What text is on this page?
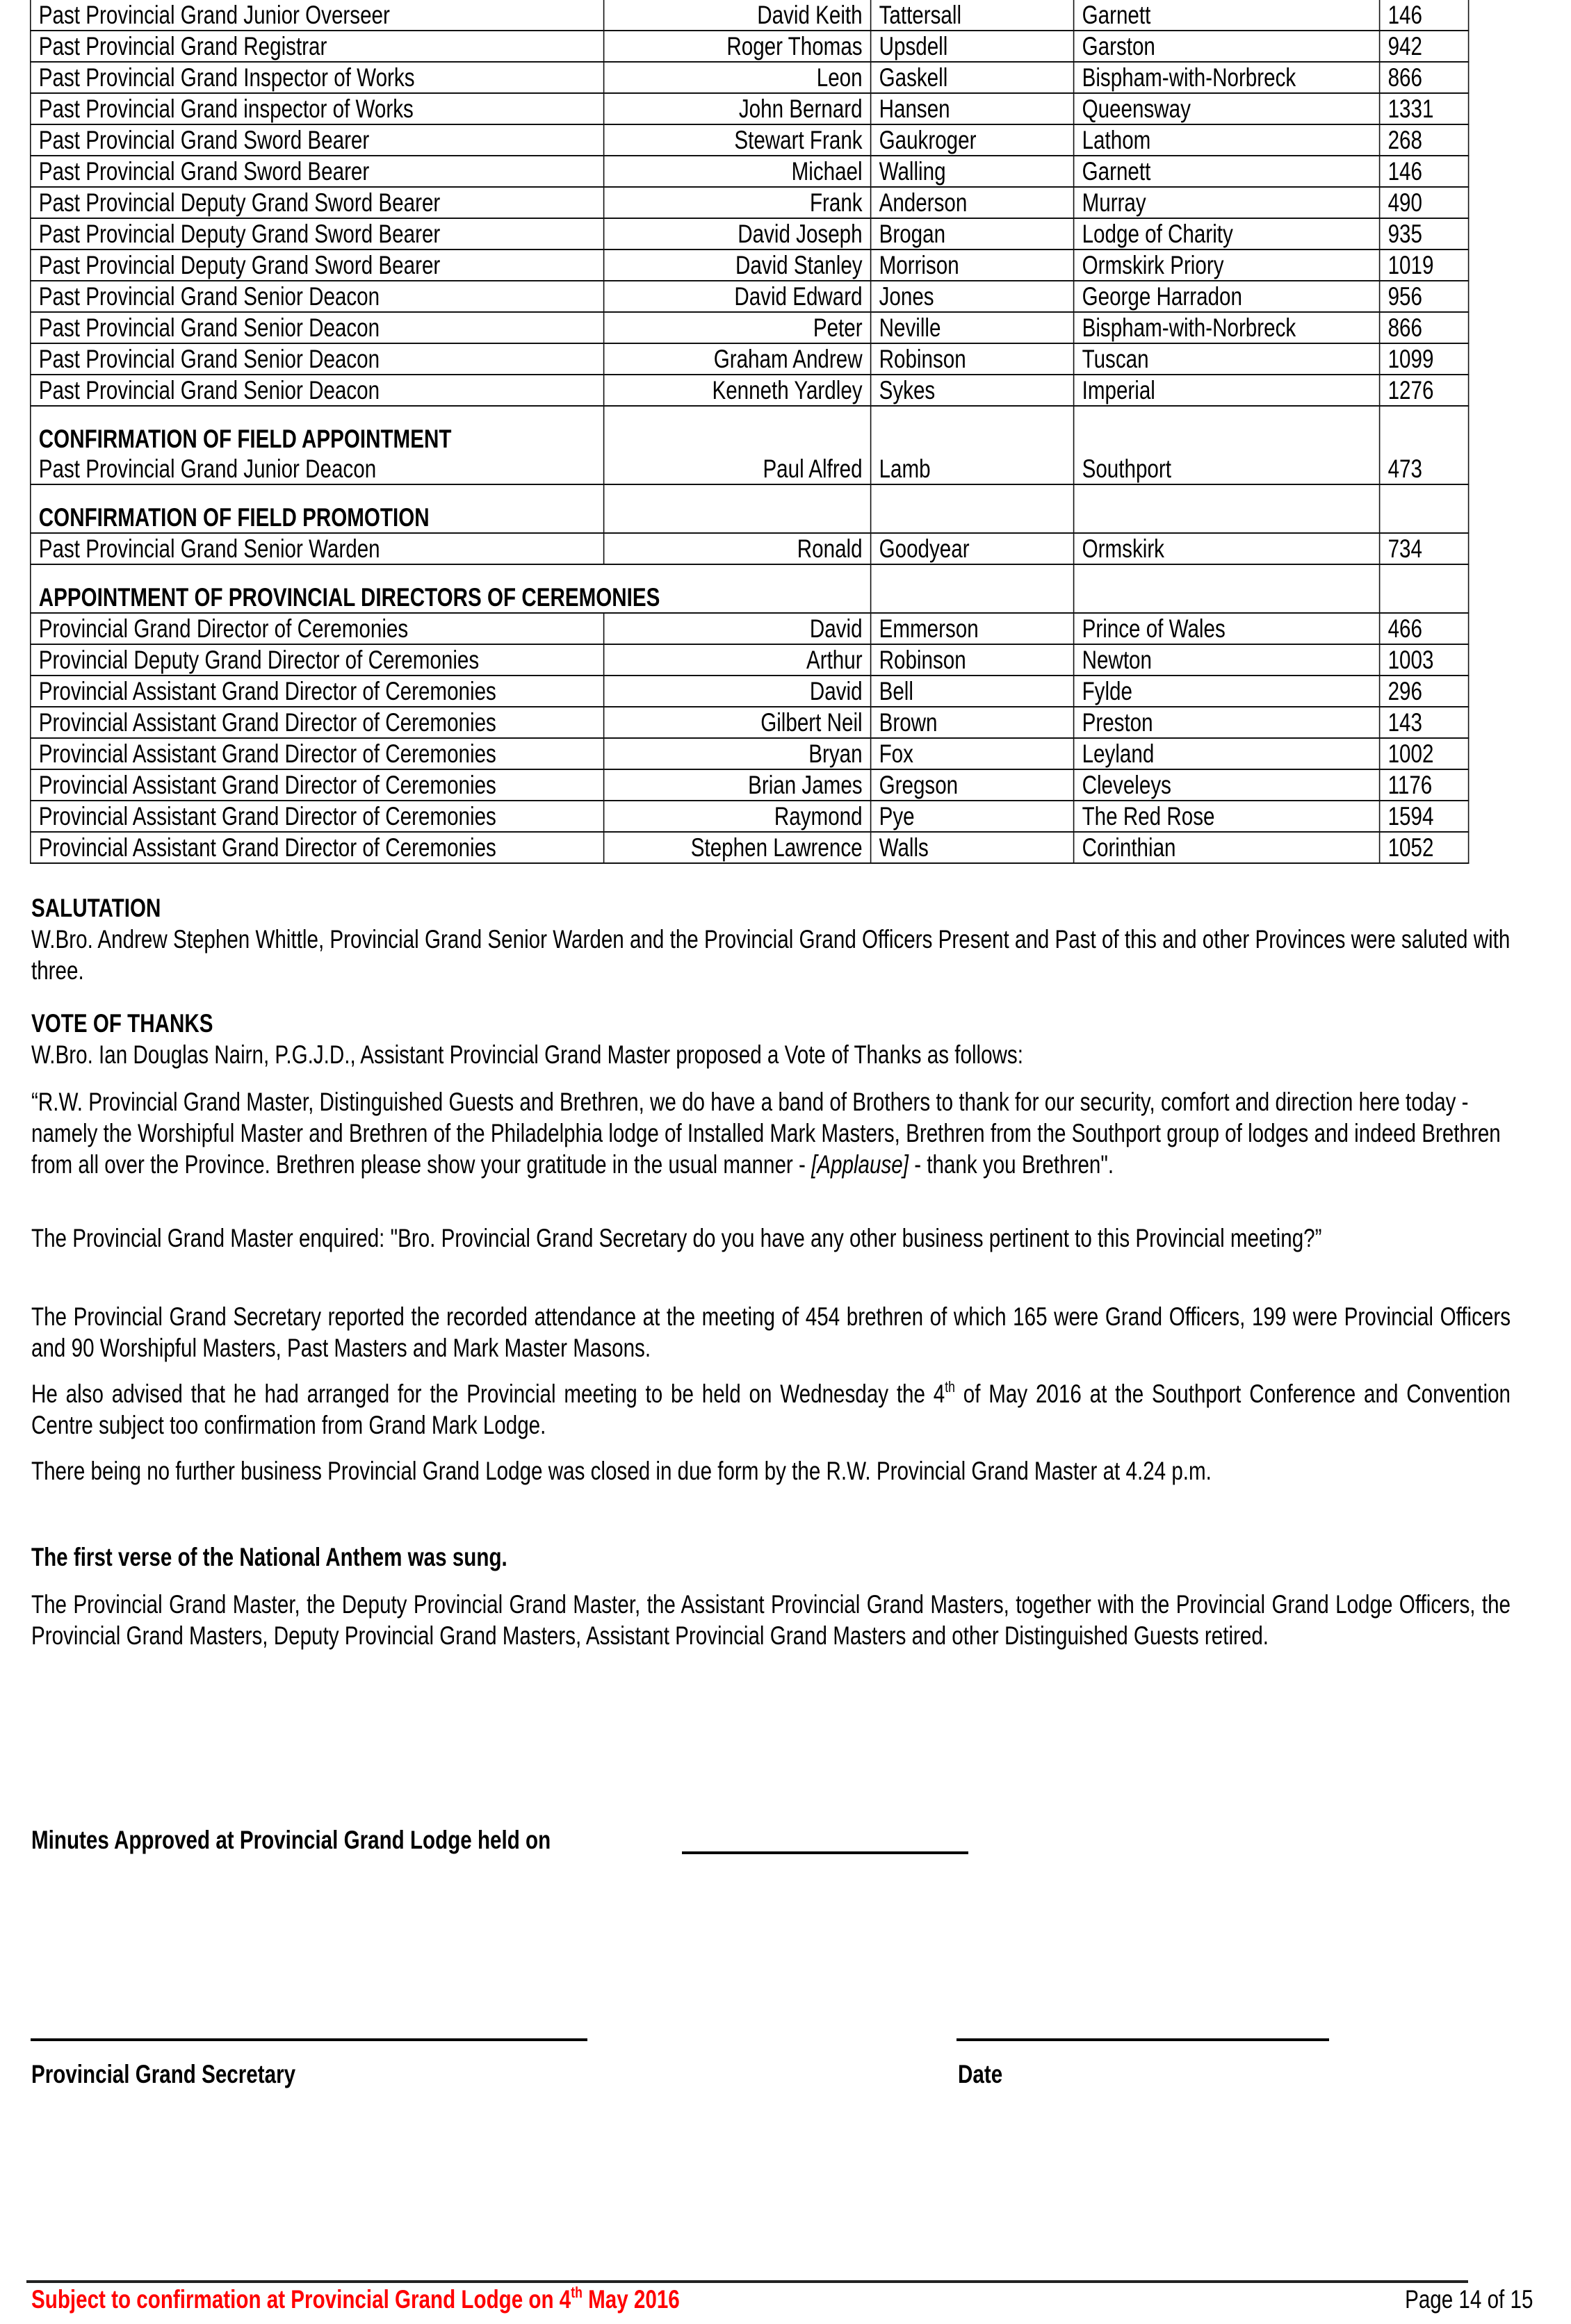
Past Provincial Grand Junior Overseer	David Keith	Tattersall	Garnett	146
Past Provincial Grand Registrar	Roger Thomas	Upsdell	Garston	942
Past Provincial Grand Inspector of Works	Leon	Gaskell	Bispham-with-Norbreck	866
Past Provincial Grand inspector of Works	John Bernard	Hansen	Queensway	1331
Past Provincial Grand Sword Bearer	Stewart Frank	Gaukroger	Lathom	268
Past Provincial Grand Sword Bearer	Michael	Walling	Garnett	146
Past Provincial Deputy Grand Sword Bearer	Frank	Anderson	Murray	490
Past Provincial Deputy Grand Sword Bearer	David Joseph	Brogan	Lodge of Charity	935
Past Provincial Deputy Grand Sword Bearer	David Stanley	Morrison	Ormskirk Priory	1019
Past Provincial Grand Senior Deacon	David Edward	Jones	George Harradon	956
Past Provincial Grand Senior Deacon	Peter	Neville	Bispham-with-Norbreck	866
Past Provincial Grand Senior Deacon	Graham Andrew	Robinson	Tuscan	1099
Past Provincial Grand Senior Deacon	Kenneth Yardley	Sykes	Imperial	1276

CONFIRMATION OF FIELD APPOINTMENT
Past Provincial Grand Junior Deacon	Paul Alfred	Lamb	Southport	473
CONFIRMATION OF FIELD PROMOTION				
Past Provincial Grand Senior Warden	Ronald	Goodyear	Ormskirk	734
APPOINTMENT OF PROVINCIAL DIRECTORS OF CEREMONIES				
Provincial Grand Director of Ceremonies	David	Emmerson	Prince of Wales	466
Provincial Deputy Grand Director of Ceremonies	Arthur	Robinson	Newton	1003
Provincial Assistant Grand Director of Ceremonies	David	Bell	Fylde	296
Provincial Assistant Grand Director of Ceremonies	Gilbert Neil	Brown	Preston	143
Provincial Assistant Grand Director of Ceremonies	Bryan	Fox	Leyland	1002
Provincial Assistant Grand Director of Ceremonies	Brian James	Gregson	Cleveleys	1176
Provincial Assistant Grand Director of Ceremonies	Raymond	Pye	The Red Rose	1594
Provincial Assistant Grand Director of Ceremonies	Stephen Lawrence	Walls	Corinthian	1052

SALUTATION

W.Bro. Andrew Stephen Whittle, Provincial Grand Senior Warden and the Provincial Grand Officers Present and Past of this and other Provinces were saluted with three.

VOTE OF THANKS

W.Bro. Ian Douglas Nairn, P.G.J.D., Assistant Provincial Grand Master proposed a Vote of Thanks as follows:

“R.W. Provincial Grand Master, Distinguished Guests and Brethren, we do have a band of Brothers to thank for our security, comfort and direction here today - namely the Worshipful Master and Brethren of the Philadelphia lodge of Installed Mark Masters, Brethren from the Southport group of lodges and indeed Brethren from all over the Province. Brethren please show your gratitude in the usual manner - [Applause] - thank you Brethren".

The Provincial Grand Master enquired: "Bro. Provincial Grand Secretary do you have any other business pertinent to this Provincial meeting?”

The Provincial Grand Secretary reported the recorded attendance at the meeting of 454 brethren of which 165 were Grand Officers, 199 were Provincial Officers and 90 Worshipful Masters, Past Masters and Mark Master Masons.

He also advised that he had arranged for the Provincial meeting to be held on Wednesday the 4th of May 2016 at the Southport Conference and Convention Centre subject too confirmation from Grand Mark Lodge.

There being no further business Provincial Grand Lodge was closed in due form by the R.W. Provincial Grand Master at 4.24 p.m.

The first verse of the National Anthem was sung.

The Provincial Grand Master, the Deputy Provincial Grand Master, the Assistant Provincial Grand Masters, together with the Provincial Grand Lodge Officers, the Provincial Grand Masters, Deputy Provincial Grand Masters, Assistant Provincial Grand Masters and other Distinguished Guests retired.

Minutes Approved at Provincial Grand Lodge held on

Provincial Grand Secretary	Date
Subject to confirmation at Provincial Grand Lodge on 4th May 2016	Page 14 of 15
